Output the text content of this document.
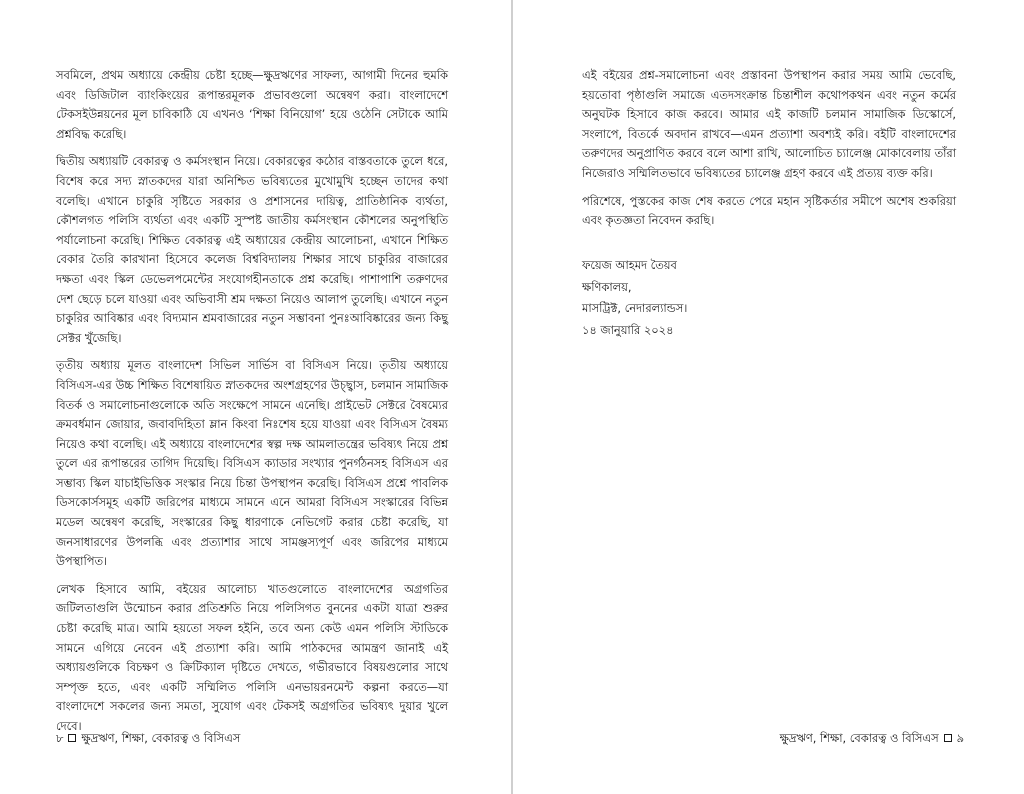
সবমিলে, প্রথম অধ্যায়ে কেন্দ্রীয় চেষ্টা হচ্ছে—ক্ষুদ্রঋণের সাফল্য, আগামী দিনের হুমকি এবং ডিজিটাল ব্যাংকিংয়ের রূপান্তরমূলক প্রভাবগুলো অন্বেষণ করা। বাংলাদেশে টেকসইউন্নয়নের মূল চাবিকাঠি যে এখনও ‘শিক্ষা বিনিয়োগ’ হয়ে ওঠেনি সেটাকে আমি প্রশ্নবিদ্ধ করেছি।

দ্বিতীয় অধ্যায়টি বেকারত্ব ও কর্মসংস্থান নিয়ে। বেকারত্বের কঠোর বাস্তবতাকে তুলে ধরে, বিশেষ করে সদ্য স্নাতকদের যারা অনিশ্চিত ভবিষ্যতের মুখোমুখি হচ্ছেন তাদের কথা বলেছি। এখানে চাকুরি সৃষ্টিতে সরকার ও প্রশাসনের দায়িত্ব, প্রাতিষ্ঠানিক ব্যর্থতা, কৌশলগত পলিসি ব্যর্থতা এবং একটি সুস্পষ্ট জাতীয় কর্মসংস্থান কৌশলের অনুপস্থিতি পর্যালোচনা করেছি। শিক্ষিত বেকারত্ব এই অধ্যায়ের কেন্দ্রীয় আলোচনা, এখানে শিক্ষিত বেকার তৈরি কারখানা হিসেবে কলেজ বিশ্ববিদ্যালয় শিক্ষার সাথে চাকুরির বাজারের দক্ষতা এবং স্কিল ডেভেলপমেন্টের সংযোগহীনতাকে প্রশ্ন করেছি। পাশাপাশি তরুণদের দেশ ছেড়ে চলে যাওয়া এবং অভিবাসী শ্রম দক্ষতা নিয়েও আলাপ তুলেছি। এখানে নতুন চাকুরির আবিষ্কার এবং বিদ্যমান শ্রমবাজারের নতুন সম্ভাবনা পুনঃআবিষ্কারের জন্য কিছু সেক্টর খুঁজেছি।

তৃতীয় অধ্যায় মূলত বাংলাদেশ সিভিল সার্ভিস বা বিসিএস নিয়ে। তৃতীয় অধ্যায়ে বিসিএস-এর উচ্চ শিক্ষিত বিশেষায়িত স্নাতকদের অংশগ্রহণের উচ্ছ্বাস, চলমান সামাজিক বিতর্ক ও সমালোচনাগুলোকে অতি সংক্ষেপে সামনে এনেছি। প্রাইভেট সেক্টরে বৈষম্যের ক্রমবর্ধমান জোয়ার, জবাবদিহিতা ম্লান কিংবা নিঃশেষ হয়ে যাওয়া এবং বিসিএস বৈষম্য নিয়েও কথা বলেছি। এই অধ্যায়ে বাংলাদেশের স্বল্প দক্ষ আমলাতন্ত্রের ভবিষ্যৎ নিয়ে প্রশ্ন তুলে এর রূপান্তরের তাগিদ দিয়েছি। বিসিএস ক্যাডার সংখ্যার পুনর্গঠনসহ বিসিএস এর সম্ভাব্য স্কিল যাচাইভিত্তিক সংস্কার নিয়ে চিন্তা উপস্থাপন করেছি। বিসিএস প্রশ্নে পাবলিক ডিসকোর্সসমূহ একটি জরিপের মাধ্যমে সামনে এনে আমরা বিসিএস সংস্কারের বিভিন্ন মডেল অন্বেষণ করেছি, সংস্কারের কিছু ধারণাকে নেভিগেট করার চেষ্টা করেছি, যা জনসাধারণের উপলব্ধি এবং প্রত্যাশার সাথে সামঞ্জস্যপূর্ণ এবং জরিপের মাধ্যমে উপস্থাপিত।

লেখক হিসাবে আমি, বইয়ের আলোচ্য খাতগুলোতে বাংলাদেশের অগ্রগতির জটিলতাগুলি উন্মোচন করার প্রতিশ্রুতি নিয়ে পলিসিগত বুননের একটা যাত্রা শুরুর চেষ্টা করেছি মাত্র। আমি হয়তো সফল হইনি, তবে অন্য কেউ এমন পলিসি স্টাডিকে সামনে এগিয়ে নেবেন এই প্রত্যাশা করি। আমি পাঠকদের আমন্ত্রণ জানাই এই অধ্যায়গুলিকে বিচক্ষণ ও ক্রিটিক্যাল দৃষ্টিতে দেখতে, গভীরভাবে বিষয়গুলোর সাথে সম্পৃক্ত হতে, এবং একটি সম্মিলিত পলিসি এনভায়রনমেন্ট কল্পনা করতে—যা বাংলাদেশে সকলের জন্য সমতা, সুযোগ এবং টেকসই অগ্রগতির ভবিষ্যৎ দুয়ার খুলে দেবে।

৮ ক্ষুদ্রঋণ, শিক্ষা, বেকারত্ব ও বিসিএস

এই বইয়ের প্রশ্ন-সমালোচনা এবং প্রস্তাবনা উপস্থাপন করার সময় আমি ভেবেছি, হয়তোবা পৃষ্ঠাগুলি সমাজে এতদসংক্রান্ত চিন্তাশীল কথোপকথন এবং নতুন কর্মের অনুঘটক হিসাবে কাজ করবে। আমার এই কাজটি চলমান সামাজিক ডিস্কোর্সে, সংলাপে, বিতর্কে অবদান রাখবে—এমন প্রত্যাশা অবশ্যই করি। বইটি বাংলাদেশের তরুণদের অনুপ্রাণিত করবে বলে আশা রাখি, আলোচিত চ্যালেঞ্জ মোকাবেলায় তাঁরা নিজেরাও সম্মিলিতভাবে ভবিষ্যতের চ্যালেঞ্জ গ্রহণ করবে এই প্রত্যয় ব্যক্ত করি।

পরিশেষে, পুস্তকের কাজ শেষ করতে পেরে মহান সৃষ্টিকর্তার সমীপে অশেষ শুকরিয়া এবং কৃতজ্ঞতা নিবেদন করছি।

ফয়েজ আহমদ তৈয়ব
ক্ষণিকালয়,
মাসট্রিক্ট, নেদারল্যান্ডস।
১৪ জানুয়ারি ২০২৪
ক্ষুদ্রঋণ, শিক্ষা, বেকারত্ব ও বিসিএস ৯
